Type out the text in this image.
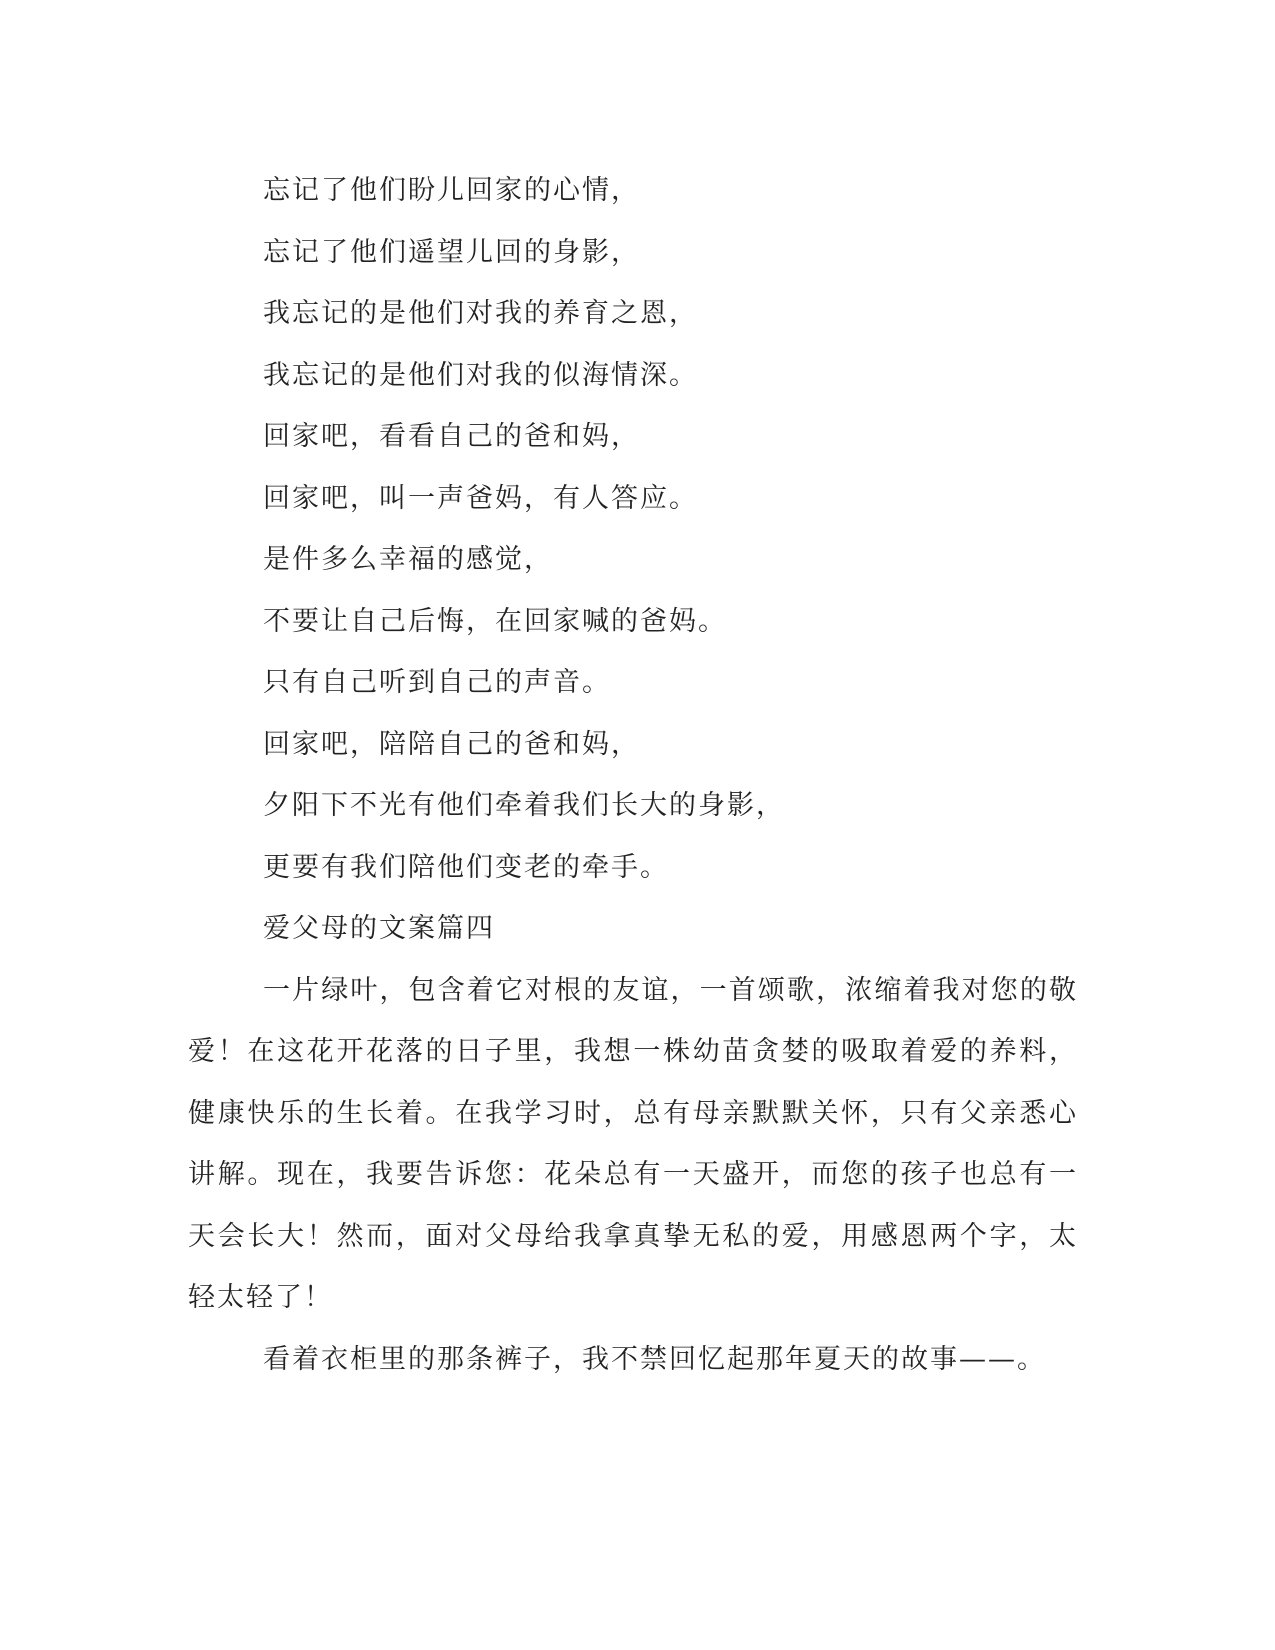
忘记了他们盼儿回家的心情，

忘记了他们遥望儿回的身影，

我忘记的是他们对我的养育之恩，

我忘记的是他们对我的似海情深。

回家吧，看看自己的爸和妈，

回家吧，叫一声爸妈，有人答应。

是件多么幸福的感觉，

不要让自己后悔，在回家喊的爸妈。

只有自己听到自己的声音。

回家吧，陪陪自己的爸和妈，

夕阳下不光有他们牵着我们长大的身影，

更要有我们陪他们变老的牵手。

爱父母的文案篇四

一片绿叶，包含着它对根的友谊，一首颂歌，浓缩着我对您的敬爱！在这花开花落的日子里，我想一株幼苗贪婪的吸取着爱的养料，健康快乐的生长着。在我学习时，总有母亲默默关怀，只有父亲悉心讲解。现在，我要告诉您：花朵总有一天盛开，而您的孩子也总有一天会长大！然而，面对父母给我拿真挚无私的爱，用感恩两个字，太轻太轻了！

看着衣柜里的那条裤子，我不禁回忆起那年夏天的故事——。
